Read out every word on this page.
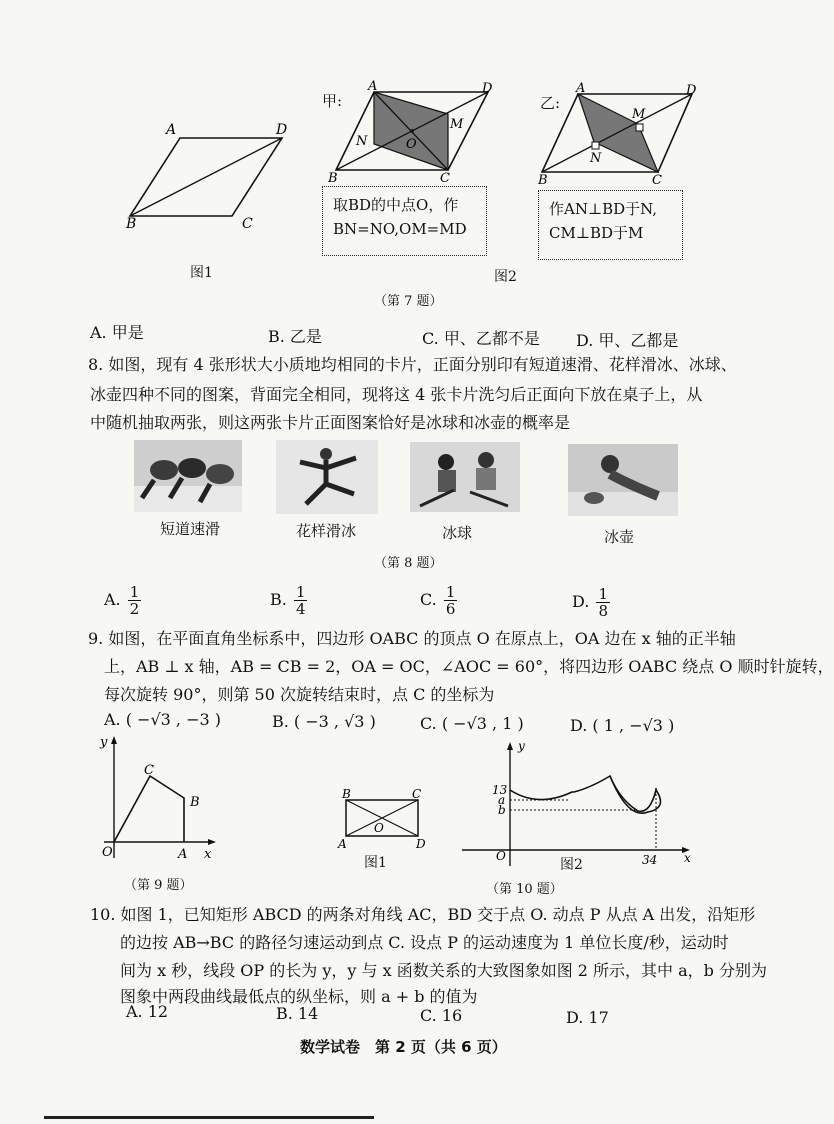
A	D
B	C
图1
甲:
A	D
N
M
O
B	C
取BD的中点O，作
BN=NO,OM=MD
图2
乙:
A	D
M
N
B	C
作AN⊥BD于N,
CM⊥BD于M
（第 7 题）
A. 甲是	B. 乙是	C. 甲、乙都不是 D. 甲、乙都是
8. 如图，现有 4 张形状大小质地均相同的卡片，正面分别印有短道速滑、花样滑冰、冰球、
冰壶四种不同的图案，背面完全相同，现将这 4 张卡片洗匀后正面向下放在桌子上，从
中随机抽取两张，则这两张卡片正面图案恰好是冰球和冰壶的概率是
短道速滑	花样滑冰	冰球	冰壶
（第 8 题）
A. $\frac{1}{2}$	B. $\frac{1}{4}$	C. $\frac{1}{6}$	D. $\frac{1}{8}$
9. 如图，在平面直角坐标系中，四边形 OABC 的顶点 O 在原点上，OA 边在 x 轴的正半轴
上，AB ⊥ x 轴，AB = CB = 2，OA = OC，∠AOC = 60°，将四边形 OABC 绕点 O 顺时针旋转，
每次旋转 90°，则第 50 次旋转结束时，点 C 的坐标为
A. ( −√3 , −3 )	B. ( −3 , √3 )	C. ( −√3 , 1 )	D. ( 1 , −√3 )
y
x
O	A
B
C
（第 9 题）
B	C
A	D
O
图1
y
x
O
13
a
b
34
图2
（第 10 题）
10. 如图 1，已知矩形 ABCD 的两条对角线 AC，BD 交于点 O. 动点 P 从点 A 出发，沿矩形
的边按 AB→BC 的路径匀速运动到点 C. 设点 P 的运动速度为 1 单位长度/秒，运动时
间为 x 秒，线段 OP 的长为 y，y 与 x 函数关系的大致图象如图 2 所示，其中 a，b 分别为
图象中两段曲线最低点的纵坐标，则 a + b 的值为
A. 12	B. 14	C. 16	D. 17
数学试卷　第 2 页（共 6 页）
